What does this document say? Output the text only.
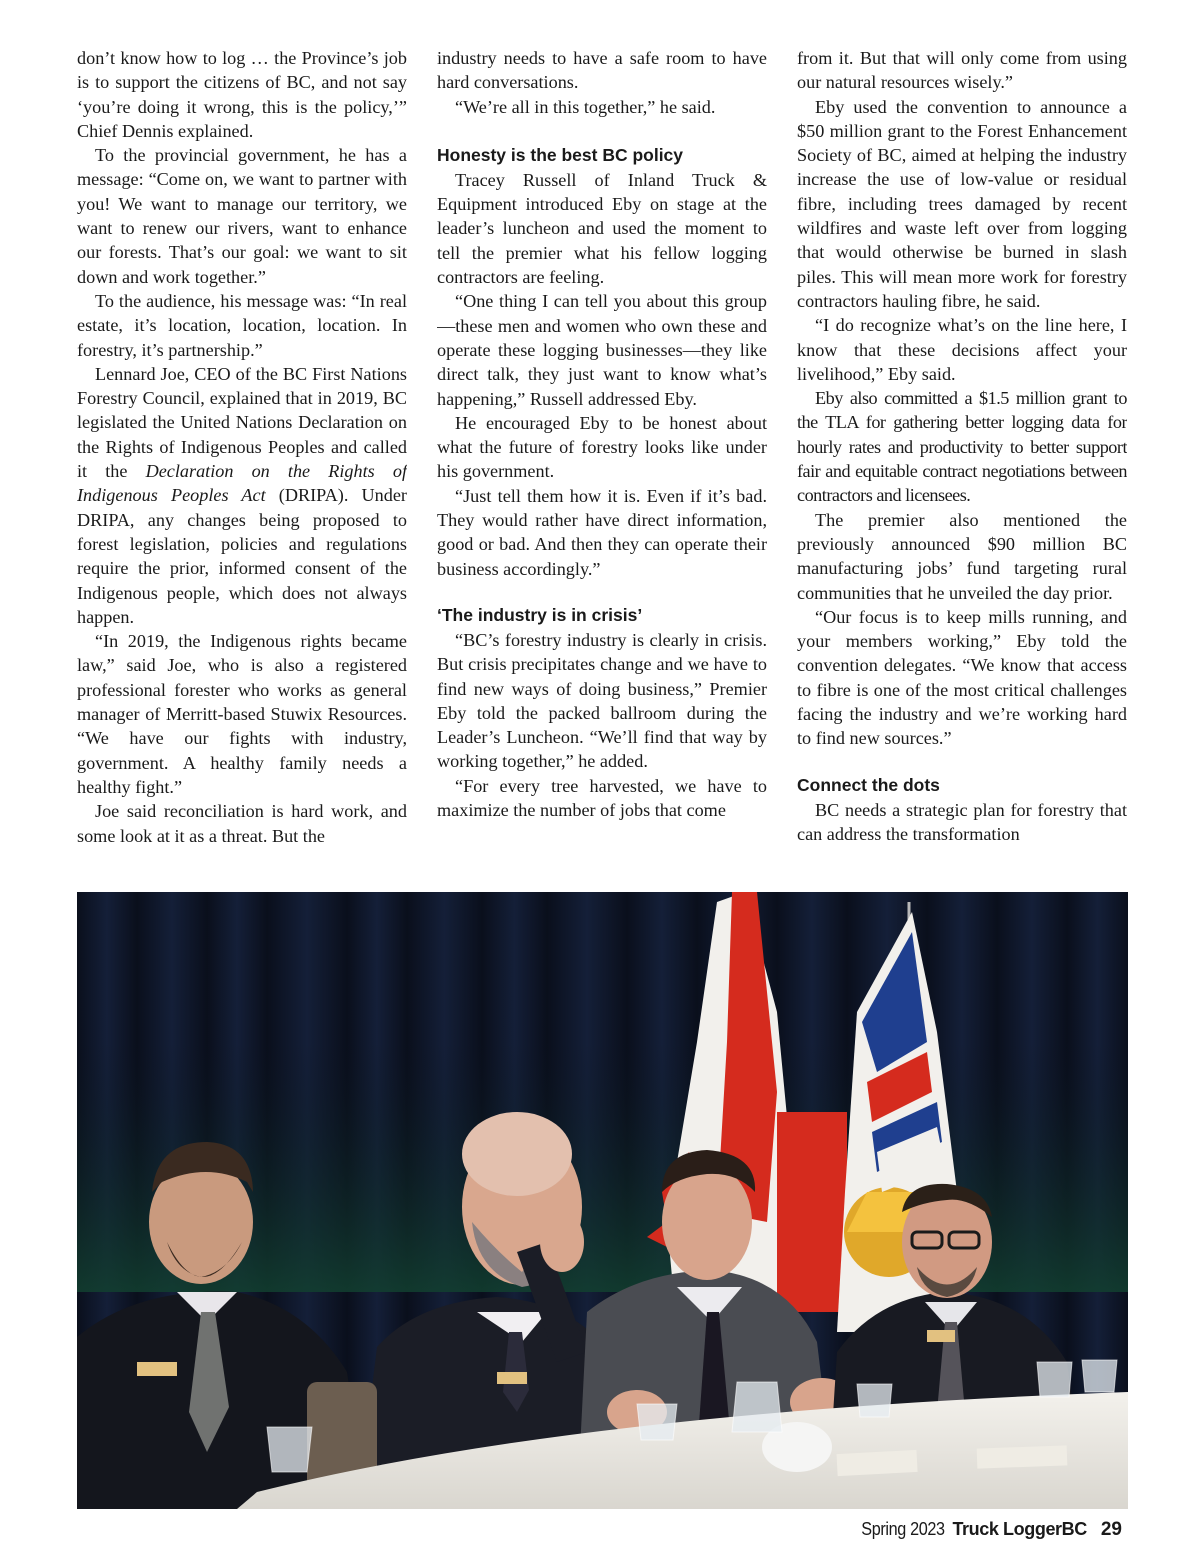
don’t know how to log … the Province’s job is to support the citizens of BC, and not say ‘you’re doing it wrong, this is the policy,’” Chief Dennis explained.

To the provincial government, he has a message: “Come on, we want to partner with you! We want to manage our territory, we want to renew our rivers, want to enhance our forests. That’s our goal: we want to sit down and work together.”

To the audience, his message was: “In real estate, it’s location, location, location. In forestry, it’s partnership.”

Lennard Joe, CEO of the BC First Nations Forestry Council, explained that in 2019, BC legislated the United Nations Declaration on the Rights of Indigenous Peoples and called it the Declaration on the Rights of Indigenous Peoples Act (DRIPA). Under DRIPA, any changes being proposed to forest legislation, policies and regulations require the prior, informed consent of the Indigenous people, which does not always happen.

“In 2019, the Indigenous rights became law,” said Joe, who is also a registered professional forester who works as general manager of Merritt-based Stuwix Resources. “We have our fights with industry, government. A healthy family needs a healthy fight.”

Joe said reconciliation is hard work, and some look at it as a threat. But the

industry needs to have a safe room to have hard conversations.

“We’re all in this together,” he said.

Honesty is the best BC policy

Tracey Russell of Inland Truck & Equipment introduced Eby on stage at the leader’s luncheon and used the moment to tell the premier what his fellow logging contractors are feeling.

“One thing I can tell you about this group—these men and women who own these and operate these logging businesses—they like direct talk, they just want to know what’s happening,” Russell addressed Eby.

He encouraged Eby to be honest about what the future of forestry looks like under his government.

“Just tell them how it is. Even if it’s bad. They would rather have direct information, good or bad. And then they can operate their business accordingly.”

‘The industry is in crisis’

“BC’s forestry industry is clearly in crisis. But crisis precipitates change and we have to find new ways of doing business,” Premier Eby told the packed ballroom during the Leader’s Luncheon. “We’ll find that way by working together,” he added.

“For every tree harvested, we have to maximize the number of jobs that come

from it. But that will only come from using our natural resources wisely.”

Eby used the convention to announce a $50 million grant to the Forest Enhancement Society of BC, aimed at helping the industry increase the use of low-value or residual fibre, including trees damaged by recent wildfires and waste left over from logging that would otherwise be burned in slash piles. This will mean more work for forestry contractors hauling fibre, he said.

“I do recognize what’s on the line here, I know that these decisions affect your livelihood,” Eby said.

Eby also committed a $1.5 million grant to the TLA for gathering better logging data for hourly rates and productivity to better support fair and equitable contract negotiations between contractors and licensees.

The premier also mentioned the previously announced $90 million BC manufacturing jobs’ fund targeting rural communities that he unveiled the day prior.

“Our focus is to keep mills running, and your members working,” Eby told the convention delegates. “We know that access to fibre is one of the most critical challenges facing the industry and we’re working hard to find new sources.”

Connect the dots

BC needs a strategic plan for forestry that can address the transformation

Spring 2023 Truck LoggerBC 29
